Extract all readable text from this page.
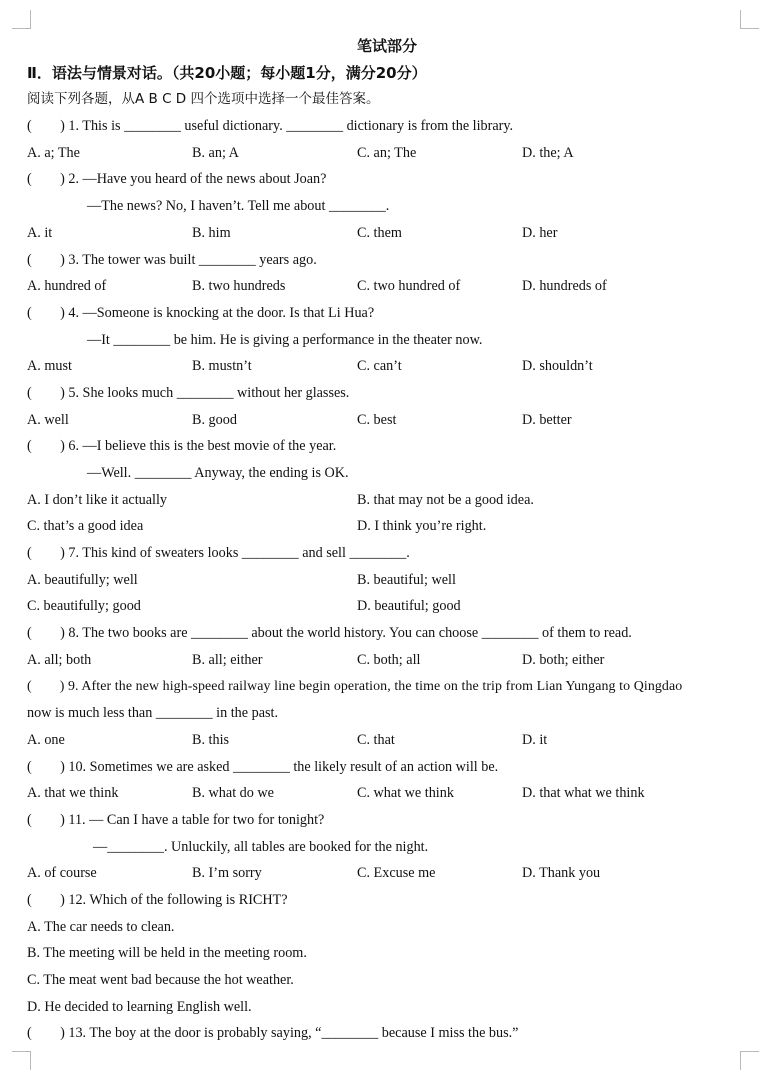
笔试部分
Ⅱ．语法与情景对话。（共20小题；每小题1分，满分20分）
阅读下列各题，从A B C D 四个选项中选择一个最佳答案。
(　　) 1. This is ________ useful dictionary. ________ dictionary is from the library.
A. a; The	B. an; A	C. an; The	D. the; A
(　　) 2. —Have you heard of the news about Joan?
—The news? No, I haven’t. Tell me about ________.
A. it	B. him	C. them	D. her
(　　) 3. The tower was built ________ years ago.
A. hundred of	B. two hundreds	C. two hundred of	D. hundreds of
(　　) 4. —Someone is knocking at the door. Is that Li Hua?
—It ________ be him. He is giving a performance in the theater now.
A. must	B. mustn’t	C. can’t	D. shouldn’t
(　　) 5. She looks much ________ without her glasses.
A. well	B. good	C. best	D. better
(　　) 6. —I believe this is the best movie of the year.
—Well. ________ Anyway, the ending is OK.
A. I don’t like it actually	B. that may not be a good idea.
C. that’s a good idea	D. I think you’re right.
(　　) 7. This kind of sweaters looks ________ and sell ________.
A. beautifully; well	B. beautiful; well
C. beautifully; good	D. beautiful; good
(　　) 8. The two books are ________ about the world history. You can choose ________ of them to read.
A. all; both	B. all; either	C. both; all	D. both; either
(　　) 9. After the new high-speed railway line begin operation, the time on the trip from Lian Yungang to Qingdao
now is much less than ________ in the past.
A. one	B. this	C. that	D. it
(　　) 10. Sometimes we are asked ________ the likely result of an action will be.
A. that we think	B. what do we	C. what we think	D. that what we think
(　　) 11. — Can I have a table for two for tonight?
—________. Unluckily, all tables are booked for the night.
A. of course	B. I’m sorry	C. Excuse me	D. Thank you
(　　) 12. Which of the following is RICHT?
A. The car needs to clean.
B. The meeting will be held in the meeting room.
C. The meat went bad because the hot weather.
D. He decided to learning English well.
(　　) 13. The boy at the door is probably saying, “________ because I miss the bus.”
